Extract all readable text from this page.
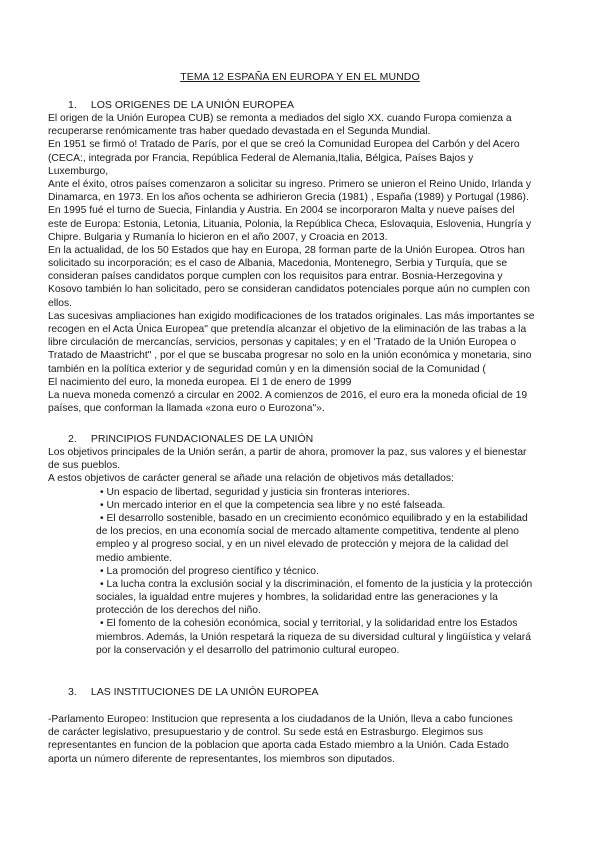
TEMA 12 ESPAÑA EN EUROPA Y EN EL MUNDO
1. LOS ORIGENES DE LA UNIÓN EUROPEA
El origen de la Unión Europea CUB) se remonta a mediados del siglo XX. cuando Furopa comienza a
recuperarse renómicamente tras haber quedado devastada en el Segunda Mundial.
En 1951 se firmó o! Tratado de París, por el que se creó la Comunidad Europea del Carbón y del Acero
(CECA:, integrada por Francia, República Federal de Alemania,Italia, Bélgica, Países Bajos y
Luxemburgo,
Ante el éxito, otros países comenzaron a solicitar su ingreso. Primero se unieron el Reino Unido, Irlanda y
Dinamarca, en 1973. En los años ochenta se adhirieron Grecia (1981) , España (1989) y Portugal (1986).
En 1995 fué el turno de Suecia, Finlandia y Austria. En 2004 se incorporaron Malta y nueve países del
este de Europa: Estonia, Letonia, Lituania, Polonia, la República Checa, Eslovaquia, Eslovenia, Hungría y
Chipre. Bulgaria y Rumanía lo hicieron en el año 2007, y Croacia en 2013.
En la actualidad, de los 50 Estados que hay en Europa, 28 forman parte de la Unión Europea. Otros han
solicitado su incorporación; es el caso de Albania, Macedonia, Montenegro, Serbia y Turquía, que se
consideran países candidatos porque cumplen con los requisitos para entrar. Bosnia-Herzegovina y
Kosovo también lo han solicitado, pero se consideran candidatos potenciales porque aún no cumplen con
ellos.
Las sucesivas ampliaciones han exigido modificaciones de los tratados originales. Las más importantes se
recogen en el Acta Única Europea" que pretendía alcanzar el objetivo de la eliminación de las trabas a la
libre circulación de mercancías, servicios, personas y capitales; y en el 'Tratado de la Unión Europea o
Tratado de Maastricht" , por el que se buscaba progresar no solo en la unión económica y monetaria, sino
también en la política exterior y de seguridad común y en la dimensión social de la Comunidad (
El nacimiento del euro, la moneda europea. El 1 de enero de 1999
La nueva moneda comenzó a circular en 2002. A comienzos de 2016, el euro era la moneda oficial de 19
países, que conforman la llamada «zona euro o Eurozona"».
2. PRINCIPIOS FUNDACIONALES DE LA UNIÓN
Los objetivos principales de la Unión serán, a partir de ahora, promover la paz, sus valores y el bienestar
de sus pueblos.
A estos objetivos de carácter general se añade una relación de objetivos más detallados:
• Un espacio de libertad, seguridad y justicia sin fronteras interiores.
• Un mercado interior en el que la competencia sea libre y no esté falseada.
• El desarrollo sostenible, basado en un crecimiento económico equilibrado y en la estabilidad
de los precios, en una economía social de mercado altamente competitiva, tendente al pleno
empleo y al progreso social, y en un nivel elevado de protección y mejora de la calidad del
medio ambiente.
• La promoción del progreso científico y técnico.
• La lucha contra la exclusión social y la discriminación, el fomento de la justicia y la protección
sociales, la igualdad entre mujeres y hombres, la solidaridad entre las generaciones y la
protección de los derechos del niño.
• El fomento de la cohesión económica, social y territorial, y la solidaridad entre los Estados
miembros. Además, la Unión respetará la riqueza de su diversidad cultural y lingüística y velará
por la conservación y el desarrollo del patrimonio cultural europeo.
3. LAS INSTITUCIONES DE LA UNIÓN EUROPEA
-Parlamento Europeo: Institucion que representa a los ciudadanos de la Unión, lleva a cabo funciones
de carácter legislativo, presupuestario y de control. Su sede está en Estrasburgo. Elegimos sus
representantes en funcion de la poblacion que aporta cada Estado miembro a la Unión. Cada Estado
aporta un número diferente de representantes, los miembros son diputados.
